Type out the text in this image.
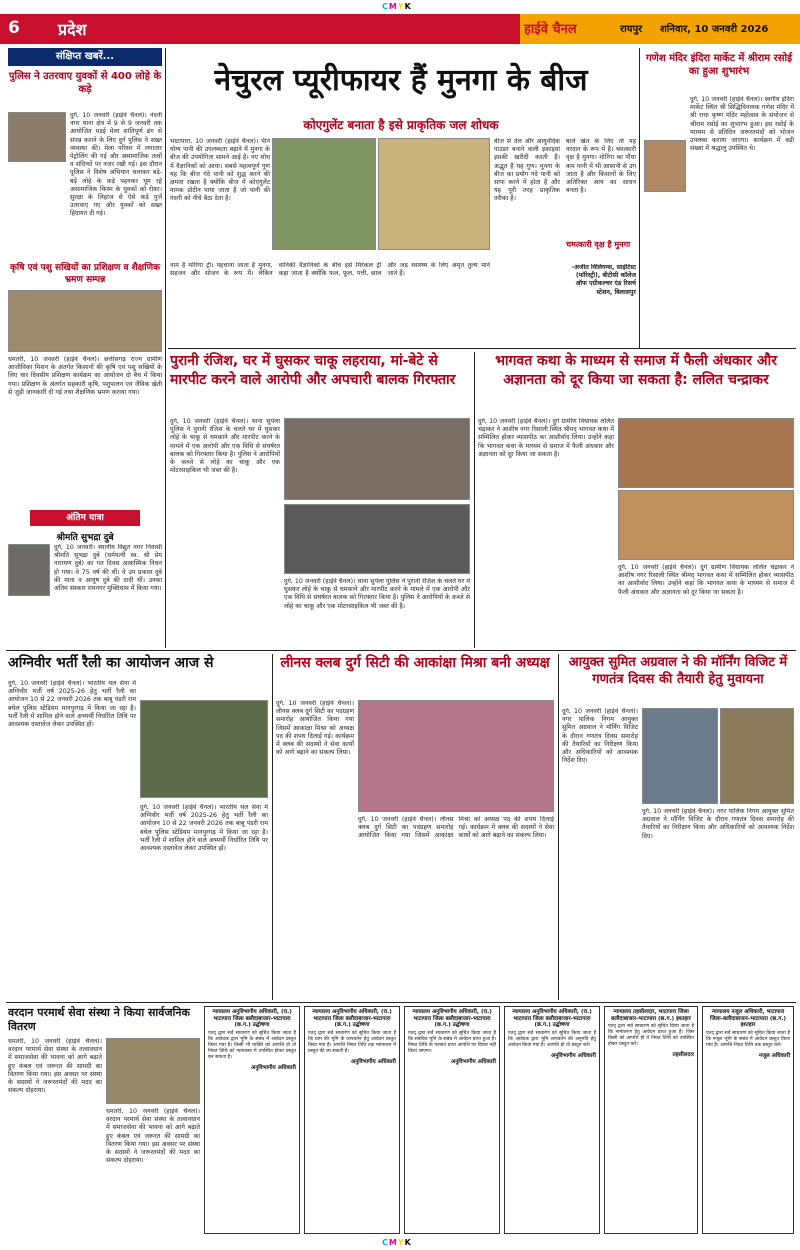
CMYK
CMYK
6 प्रदेश	हाईवे चैनल	रायपुर शनिवार, 10 जनवरी 2026
संक्षिप्त खबरें...
पुलिस ने उतरवाए युवकों से 400 लोहे के कड़े
दुर्ग, 10 जनवरी (हाईवे चैनल)। नंदनी नगर थाना क्षेत्र में 9 से 9 जनवरी तक आयोजित मड़ई मेला शांतिपूर्ण ढंग से संपन्न कराने के लिए दुर्ग पुलिस ने सख्त व्यवस्था की। मेला परिसर में लगातार पेट्रोलिंग की गई और असामाजिक तत्वों व संदिग्धों पर नजर रखी गई। इस दौरान पुलिस ने विशेष अभियान चलाकर बड़े-बड़े लोहे के कड़े पहनकर घूम रहे असामाजिक किस्म के युवकों को रोका। सुरक्षा के लिहाज से ऐसे कड़े पुर्जे उतरवाए गए और युवकों को सख्त हिदायत दी गई।
कृषि एवं पशु सखियों का प्रशिक्षण व शैक्षणिक भ्रमण सम्पन्न
धमतरी, 10 जनवरी (हाईवे चैनल)। छत्तीसगढ़ राज्य ग्रामीण आजीविका मिशन के अंतर्गत किसानों की कृषि एवं पशु सखियों के लिए चार दिवसीय प्रशिक्षण कार्यक्रम का आयोजन दो बैच में किया गया। प्रशिक्षण के अंतर्गत सहकारी कृषि, पशुपालन एवं जैविक खेती से जुड़ी जानकारी दी गई तथा शैक्षणिक भ्रमण कराया गया।
अंतिम यात्रा
श्रीमति सुभद्रा दुबे
दुर्ग, 10 जनवरी। स्थानीय विद्युत नगर निवासी श्रीमति सुभद्रा दुबे (धर्मपत्नी स्व. श्री प्रेम नारायण दुबे) का गत दिवस आकस्मिक निधन हो गया। वे 75 वर्ष की थीं। वे उप प्रकाश दुबे की माता व आयुष दुबे की दादी थीं। उनका अंतिम संस्कार रामनगर मुक्तिधाम में किया गया।
नेचुरल प्यूरीफायर हैं मुनगा के बीज
कोएगुलेंट बनाता है इसे प्राकृतिक जल शोधक
भाटापारा, 10 जनवरी (हाईवे चैनल)। पीने योग्य पानी की उपलब्धता बढ़ाने में मुनगा के बीज की उपयोगिता सामने आई है। नए शोध में वैज्ञानिकों को आया। सबसे महत्वपूर्ण गुण यह कि बीज गंदे पानी को शुद्ध करने की क्षमता रखता है क्योंकि बीज में कोएगुलेंट नामक प्रोटीन पाया जाता है जो पानी की गंदगी को नीचे बैठा देता है।
बीज से तेल और आयुर्वेदिक पाउडर बनाने वाली इकाइयां इसकी खरीदी करती हैं। अद्भुत है यह गुण। मुनगा के बीज का प्रयोग गंदे पानी को साफ करने में होता है और यह पूरी तरह प्राकृतिक तरीका है।
बाले खेत के लिए तो यह वरदान के रूप में है। चमत्कारी वृक्ष है मुनगा। मोरिंगा का पौधा कम पानी में भी आसानी से उग जाता है और किसानों के लिए अतिरिक्त आय का साधन बनता है।
चमत्कारी वृक्ष है मुनगा
नाम है मोरिंगा ट्री। पहचाना जाता है मुनगा, सहजन और सोजन के रूप में। लेकिन वानिकी वैज्ञानिकों के बीच इसे मिरेकल ट्री कहा जाता है क्योंकि फल, फूल, पत्ती, छाल और जड़ स्वास्थ्य के लिए अमृत तुल्य माने जाते हैं।
-अजीत विलियम्स, साइंटिस्ट (फॉरेस्ट्री), बीटीसी कॉलेज ऑफ एग्रीकल्चर एंड रिसर्च स्टेशन, बिलासपुर
गणेश मंदिर इंदिरा मार्केट में श्रीराम रसोई का हुआ शुभारंभ
दुर्ग, 10 जनवरी (हाईवे चैनल)। स्वर्गीय इंदिरा मार्केट स्थित श्री सिद्धिविनायक गणेश मंदिर में श्री राधा कृष्ण मंदिर महोत्सव के संयोजन से श्रीराम रसोई का शुभारंभ हुआ। इस रसोई के माध्यम से प्रतिदिन जरूरतमंदों को भोजन उपलब्ध कराया जाएगा। कार्यक्रम में बड़ी संख्या में श्रद्धालु उपस्थित थे।
पुरानी रंजिश, घर में घुसकर चाकू लहराया, मां-बेटे से मारपीट करने वाले आरोपी और अपचारी बालक गिरफ्तार
दुर्ग, 10 जनवरी (हाईवे चैनल)। थाना सुपेला पुलिस ने पुरानी रंजिश के चलते घर में घुसकर लोहे के चाकू से धमकाने और मारपीट करने के मामले में एक आरोपी और एक विधि से संघर्षरत बालक को गिरफ्तार किया है। पुलिस ने आरोपियों के कब्जे से लोहे का चाकू और एक मोटरसाइकिल भी जब्त की है।
दुर्ग, 10 जनवरी (हाईवे चैनल)। थाना सुपेला पुलिस ने पुरानी रंजिश के चलते घर में घुसकर लोहे के चाकू से धमकाने और मारपीट करने के मामले में एक आरोपी और एक विधि से संघर्षरत बालक को गिरफ्तार किया है। पुलिस ने आरोपियों के कब्जे से लोहे का चाकू और एक मोटरसाइकिल भी जब्त की है।
भागवत कथा के माध्यम से समाज में फैली अंधकार और अज्ञानता को दूर किया जा सकता है: ललित चन्द्राकर
दुर्ग, 10 जनवरी (हाईवे चैनल)। दुर्ग ग्रामीण विधायक ललित चंद्राकर ने आशीष नगर रिसाली स्थित श्रीमद् भागवत कथा में सम्मिलित होकर व्यासपीठ का आशीर्वाद लिया। उन्होंने कहा कि भागवत कथा के माध्यम से समाज में फैली अंधकार और अज्ञानता को दूर किया जा सकता है।
दुर्ग, 10 जनवरी (हाईवे चैनल)। दुर्ग ग्रामीण विधायक ललित चंद्राकर ने आशीष नगर रिसाली स्थित श्रीमद् भागवत कथा में सम्मिलित होकर व्यासपीठ का आशीर्वाद लिया। उन्होंने कहा कि भागवत कथा के माध्यम से समाज में फैली अंधकार और अज्ञानता को दूर किया जा सकता है।
अग्निवीर भर्ती रैली का आयोजन आज से
दुर्ग, 10 जनवरी (हाईवे चैनल)। भारतीय थल सेना में अग्निवीर भर्ती वर्ष 2025-26 हेतु भर्ती रैली का आयोजन 10 से 22 जनवरी 2026 तक बाबू पंडरी राम बघेल पुलिस स्टेडियम मानपुरगढ़ में किया जा रहा है। भर्ती रैली में शामिल होने वाले अभ्यर्थी निर्धारित तिथि पर आवश्यक दस्तावेज लेकर उपस्थित हों।
दुर्ग, 10 जनवरी (हाईवे चैनल)। भारतीय थल सेना में अग्निवीर भर्ती वर्ष 2025-26 हेतु भर्ती रैली का आयोजन 10 से 22 जनवरी 2026 तक बाबू पंडरी राम बघेल पुलिस स्टेडियम मानपुरगढ़ में किया जा रहा है। भर्ती रैली में शामिल होने वाले अभ्यर्थी निर्धारित तिथि पर आवश्यक दस्तावेज लेकर उपस्थित हों।
लीनस क्लब दुर्ग सिटी की आकांक्षा मिश्रा बनी अध्यक्ष
दुर्ग, 10 जनवरी (हाईवे चैनल)। लीनस क्लब दुर्ग सिटी का पदग्रहण समारोह आयोजित किया गया जिसमें आकांक्षा मिश्रा को अध्यक्ष पद की शपथ दिलाई गई। कार्यक्रम में क्लब की सदस्यों ने सेवा कार्यों को आगे बढ़ाने का संकल्प लिया।
दुर्ग, 10 जनवरी (हाईवे चैनल)। लीनस क्लब दुर्ग सिटी का पदग्रहण समारोह आयोजित किया गया जिसमें आकांक्षा मिश्रा को अध्यक्ष पद की शपथ दिलाई गई। कार्यक्रम में क्लब की सदस्यों ने सेवा कार्यों को आगे बढ़ाने का संकल्प लिया।
आयुक्त सुमित अग्रवाल ने की मॉर्निंग विजिट में गणतंत्र दिवस की तैयारी हेतु मुवायना
दुर्ग, 10 जनवरी (हाईवे चैनल)। नगर पालिक निगम आयुक्त सुमित अग्रवाल ने मॉर्निंग विजिट के दौरान गणतंत्र दिवस समारोह की तैयारियों का निरीक्षण किया और अधिकारियों को आवश्यक निर्देश दिए।
दुर्ग, 10 जनवरी (हाईवे चैनल)। नगर पालिक निगम आयुक्त सुमित अग्रवाल ने मॉर्निंग विजिट के दौरान गणतंत्र दिवस समारोह की तैयारियों का निरीक्षण किया और अधिकारियों को आवश्यक निर्देश दिए।
वरदान परमार्थ सेवा संस्था ने किया सार्वजनिक वितरण
धमतरी, 10 जनवरी (हाईवे चैनल)। वरदान परमार्थ सेवा संस्था के तत्वावधान में समाजसेवा की भावना को आगे बढ़ाते हुए कंबल एवं जरूरत की सामग्री का वितरण किया गया। इस अवसर पर संस्था के सदस्यों ने जरूरतमंदों की मदद का संकल्प दोहराया।
धमतरी, 10 जनवरी (हाईवे चैनल)। वरदान परमार्थ सेवा संस्था के तत्वावधान में समाजसेवा की भावना को आगे बढ़ाते हुए कंबल एवं जरूरत की सामग्री का वितरण किया गया। इस अवसर पर संस्था के सदस्यों ने जरूरतमंदों की मदद का संकल्प दोहराया।
न्यायालय अनुविभागीय अधिकारी, (रा.) भाटापारा जिला बलौदाबाजार-भाटापारा (छ.ग.) उद्घोषणा
एतद् द्वारा सर्व साधारण को सूचित किया जाता है कि आवेदक द्वारा भूमि के संबंध में आवेदन प्रस्तुत किया गया है। किसी भी व्यक्ति को आपत्ति हो तो नियत तिथि को न्यायालय में उपस्थित होकर प्रस्तुत कर सकता है।
अनुविभागीय अधिकारी
न्यायालय अनुविभागीय अधिकारी, (रा.) भाटापारा जिला बलौदाबाजार-भाटापारा (छ.ग.) उद्घोषणा
एतद् द्वारा सर्व साधारण को सूचित किया जाता है कि ग्राम की भूमि के व्यपवर्तन हेतु आवेदन प्रस्तुत किया गया है। आपत्ति नियत तिथि तक न्यायालय में प्रस्तुत की जा सकती है।
अनुविभागीय अधिकारी
न्यायालय अनुविभागीय अधिकारी, (रा.) भाटापारा जिला बलौदाबाजार-भाटापारा (छ.ग.) उद्घोषणा
एतद् द्वारा सर्व साधारण को सूचित किया जाता है कि संबंधित भूमि के संबंध में आवेदन प्राप्त हुआ है। नियत तिथि के पश्चात प्राप्त आपत्ति पर विचार नहीं किया जाएगा।
अनुविभागीय अधिकारी
न्यायालय अनुविभागीय अधिकारी, (रा.) भाटापारा जिला बलौदाबाजार-भाटापारा (छ.ग.) उद्घोषणा
एतद् द्वारा सर्व साधारण को सूचित किया जाता है कि आवेदक द्वारा भूमि व्यपवर्तन की अनुमति हेतु आवेदन किया गया है। आपत्ति हो तो प्रस्तुत करें।
अनुविभागीय अधिकारी
न्यायालय तहसीलदार, भाटापारा जिला बलौदाबाजार-भाटापारा (छ.ग.) इश्तहार
एतद् द्वारा सर्व साधारण को सूचित किया जाता है कि नामांतरण हेतु आवेदन प्राप्त हुआ है। जिस किसी को आपत्ति हो वे नियत तिथि को उपस्थित होकर प्रस्तुत करें।
तहसीलदार
न्यायालय नजूल अधिकारी, भाटापारा जिला-बलौदाबाजार-भाटापारा (छ.ग.) इश्तहार
एतद् द्वारा सर्व साधारण को सूचित किया जाता है कि नजूल भूमि के संबंध में आवेदन प्रस्तुत किया गया है। आपत्ति नियत तिथि तक प्रस्तुत करें।
नजूल अधिकारी
